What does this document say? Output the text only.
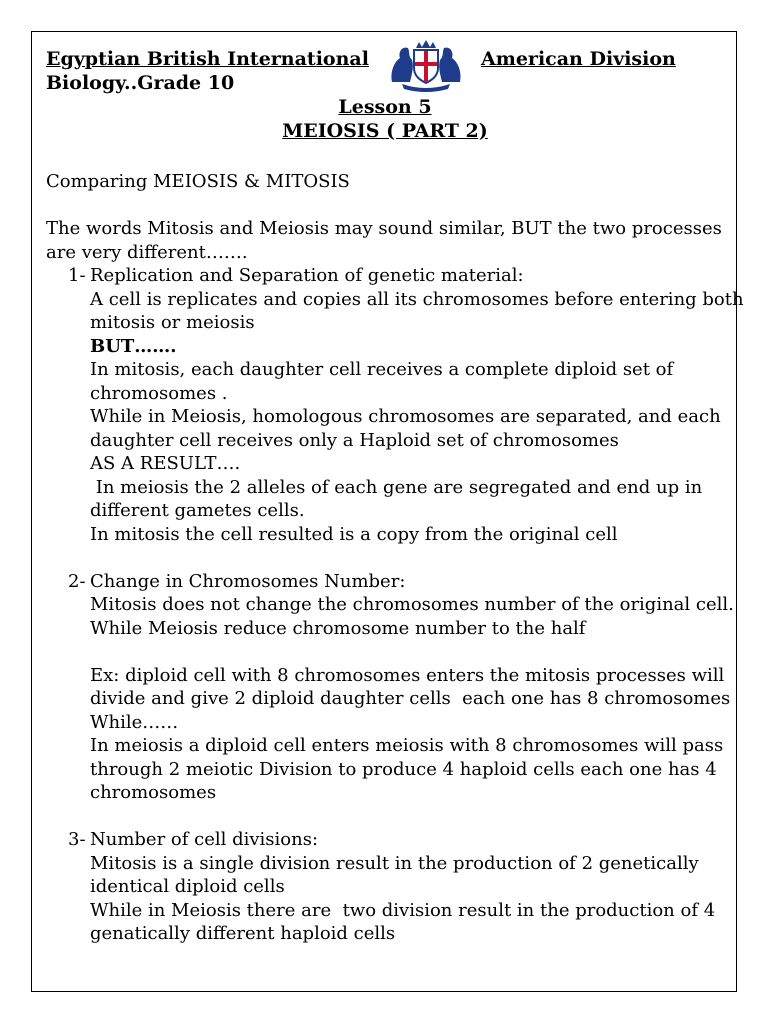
Egyptian British International	American Division
Biology..Grade 10
Lesson 5
MEIOSIS ( PART 2)
Comparing MEIOSIS & MITOSIS
The words Mitosis and Meiosis may sound similar, BUT the two processes
are very different…….
1- Replication and Separation of genetic material:
A cell is replicates and copies all its chromosomes before entering both
mitosis or meiosis
BUT…….
In mitosis, each daughter cell receives a complete diploid set of
chromosomes .
While in Meiosis, homologous chromosomes are separated, and each
daughter cell receives only a Haploid set of chromosomes
AS A RESULT….
In meiosis the 2 alleles of each gene are segregated and end up in
different gametes cells.
In mitosis the cell resulted is a copy from the original cell
2- Change in Chromosomes Number:
Mitosis does not change the chromosomes number of the original cell.
While Meiosis reduce chromosome number to the half
Ex: diploid cell with 8 chromosomes enters the mitosis processes will
divide and give 2 diploid daughter cells  each one has 8 chromosomes
While……
In meiosis a diploid cell enters meiosis with 8 chromosomes will pass
through 2 meiotic Division to produce 4 haploid cells each one has 4
chromosomes
3- Number of cell divisions:
Mitosis is a single division result in the production of 2 genetically
identical diploid cells
While in Meiosis there are  two division result in the production of 4
genatically different haploid cells
